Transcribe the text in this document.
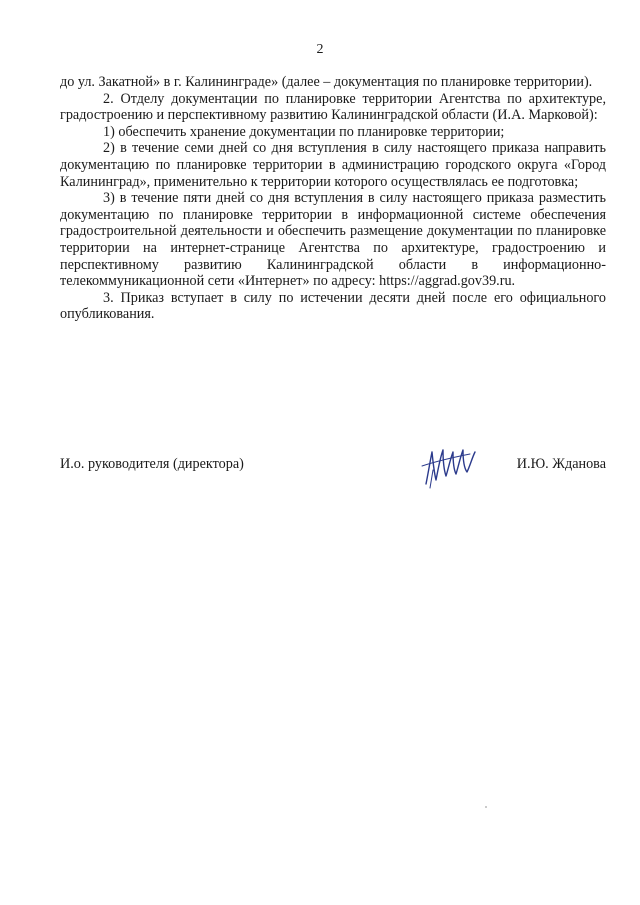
2

до ул. Закатной» в г. Калининграде» (далее – документация по планировке территории).

2. Отделу документации по планировке территории Агентства по архитектуре, градостроению и перспективному развитию Калининградской области (И.А. Марковой):

1) обеспечить хранение документации по планировке территории;

2) в течение семи дней со дня вступления в силу настоящего приказа направить документацию по планировке территории в администрацию городского округа «Город Калининград», применительно к территории которого осуществлялась ее подготовка;

3) в течение пяти дней со дня вступления в силу настоящего приказа разместить документацию по планировке территории в информационной системе обеспечения градостроительной деятельности и обеспечить размещение документации по планировке территории на интернет-странице Агентства по архитектуре, градостроению и перспективному развитию Калининградской области в информационно-телекоммуникационной сети «Интернет» по адресу: https://aggrad.gov39.ru.

3. Приказ вступает в силу по истечении десяти дней после его официального опубликования.

И.о. руководителя (директора)	И.Ю. Жданова
